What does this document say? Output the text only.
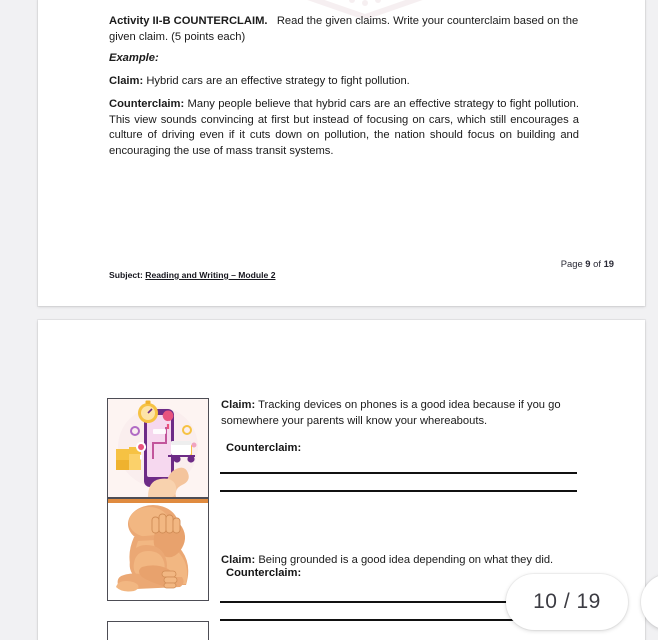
Activity II-B COUNTERCLAIM. Read the given claims. Write your counterclaim based on the given claim. (5 points each)
Example:
Claim: Hybrid cars are an effective strategy to fight pollution.
Counterclaim: Many people believe that hybrid cars are an effective strategy to fight pollution. This view sounds convincing at first but instead of focusing on cars, which still encourages a culture of driving even if it cuts down on pollution, the nation should focus on building and encouraging the use of mass transit systems.
Page 9 of 19
Subject: Reading and Writing – Module 2
Claim: Tracking devices on phones is a good idea because if you go somewhere your parents will know your whereabouts.
Counterclaim:
Claim: Being grounded is a good idea depending on what they did.
Counterclaim:
10 / 19
